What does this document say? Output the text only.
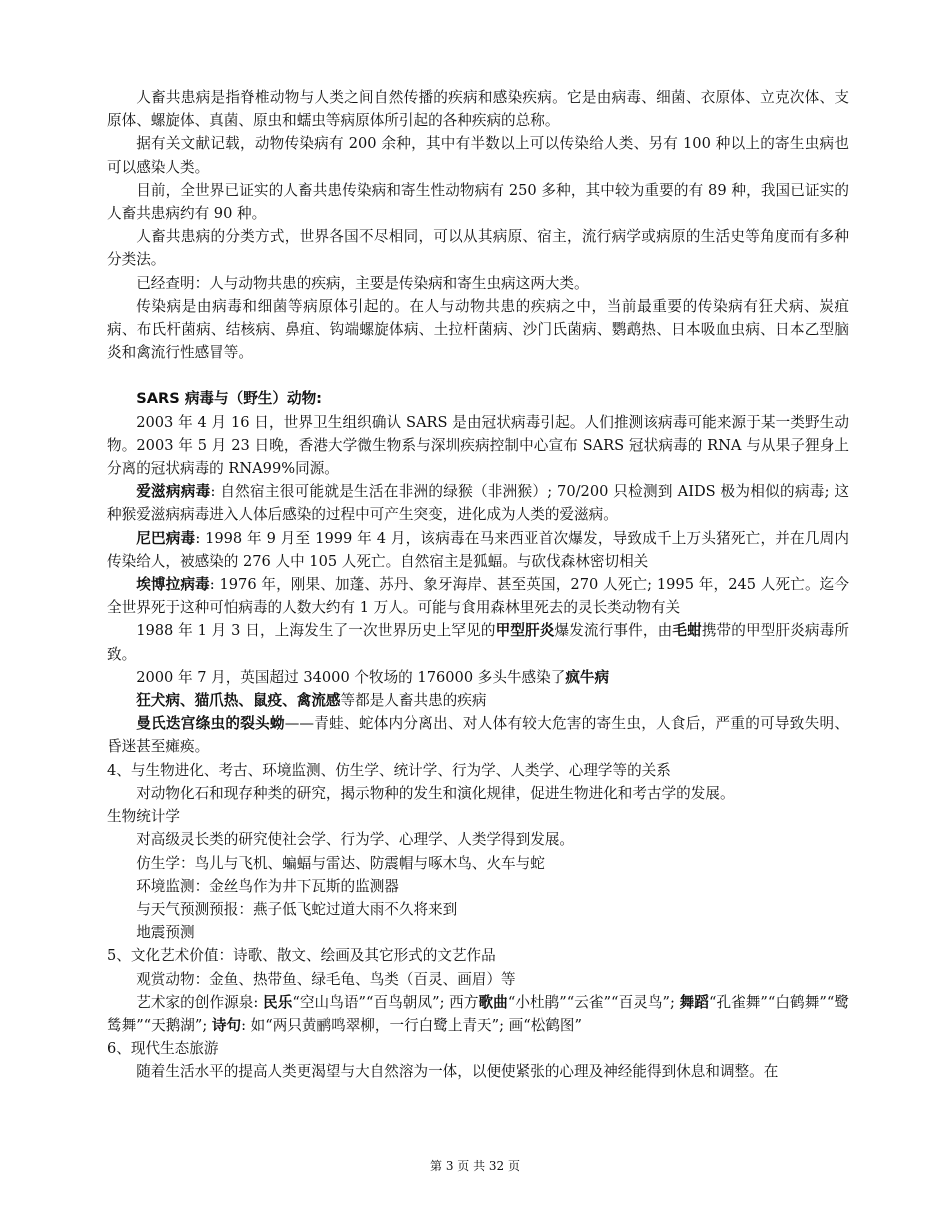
人畜共患病是指脊椎动物与人类之间自然传播的疾病和感染疾病。它是由病毒、细菌、衣原体、立克次体、支原体、螺旋体、真菌、原虫和蠕虫等病原体所引起的各种疾病的总称。

据有关文献记载，动物传染病有 200 余种，其中有半数以上可以传染给人类、另有 100 种以上的寄生虫病也可以感染人类。

目前，全世界已证实的人畜共患传染病和寄生性动物病有 250 多种，其中较为重要的有 89 种，我国已证实的人畜共患病约有 90 种。

人畜共患病的分类方式，世界各国不尽相同，可以从其病原、宿主，流行病学或病原的生活史等角度而有多种分类法。

已经查明：人与动物共患的疾病，主要是传染病和寄生虫病这两大类。

传染病是由病毒和细菌等病原体引起的。在人与动物共患的疾病之中，当前最重要的传染病有狂犬病、炭疽病、布氏杆菌病、结核病、鼻疽、钩端螺旋体病、土拉杆菌病、沙门氏菌病、鹦鹉热、日本吸血虫病、日本乙型脑炎和禽流行性感冒等。

SARS 病毒与（野生）动物:

2003 年 4 月 16 日，世界卫生组织确认 SARS 是由冠状病毒引起。人们推测该病毒可能来源于某一类野生动物。2003 年 5 月 23 日晚，香港大学微生物系与深圳疾病控制中心宣布 SARS 冠状病毒的 RNA 与从果子狸身上分离的冠状病毒的 RNA99%同源。

爱滋病病毒: 自然宿主很可能就是生活在非洲的绿猴（非洲猴）; 70/200 只检测到 AIDS 极为相似的病毒; 这种猴爱滋病病毒进入人体后感染的过程中可产生突变，进化成为人类的爱滋病。

尼巴病毒: 1998 年 9 月至 1999 年 4 月，该病毒在马来西亚首次爆发，导致成千上万头猪死亡，并在几周内传染给人，被感染的 276 人中 105 人死亡。自然宿主是狐蝠。与砍伐森林密切相关

埃博拉病毒: 1976 年，刚果、加蓬、苏丹、象牙海岸、甚至英国，270 人死亡; 1995 年，245 人死亡。迄今全世界死于这种可怕病毒的人数大约有 1 万人。可能与食用森林里死去的灵长类动物有关

1988 年 1 月 3 日，上海发生了一次世界历史上罕见的甲型肝炎爆发流行事件，由毛蚶携带的甲型肝炎病毒所致。

2000 年 7 月，英国超过 34000 个牧场的 176000 多头牛感染了疯牛病

狂犬病、猫爪热、鼠疫、禽流感等都是人畜共患的疾病

曼氏迭宫绦虫的裂头蚴——青蛙、蛇体内分离出、对人体有较大危害的寄生虫，人食后，严重的可导致失明、昏迷甚至瘫痪。

4、与生物进化、考古、环境监测、仿生学、统计学、行为学、人类学、心理学等的关系

对动物化石和现存种类的研究，揭示物种的发生和演化规律，促进生物进化和考古学的发展。

生物统计学

对高级灵长类的研究使社会学、行为学、心理学、人类学得到发展。

仿生学：鸟儿与飞机、蝙蝠与雷达、防震帽与啄木鸟、火车与蛇

环境监测：金丝鸟作为井下瓦斯的监测器

与天气预测预报：燕子低飞蛇过道大雨不久将来到

地震预测

5、文化艺术价值：诗歌、散文、绘画及其它形式的文艺作品

观赏动物：金鱼、热带鱼、绿毛龟、鸟类（百灵、画眉）等

艺术家的创作源泉: 民乐“空山鸟语”“百鸟朝凤”; 西方歌曲“小杜鹃”“云雀”“百灵鸟”; 舞蹈“孔雀舞”“白鹤舞”“鹭鸶舞”“天鹅湖”; 诗句: 如“两只黄鹂鸣翠柳，一行白鹭上青天”; 画“松鹤图”

6、现代生态旅游

随着生活水平的提高人类更渴望与大自然溶为一体，以便使紧张的心理及神经能得到休息和调整。在

第 3 页 共 32 页
